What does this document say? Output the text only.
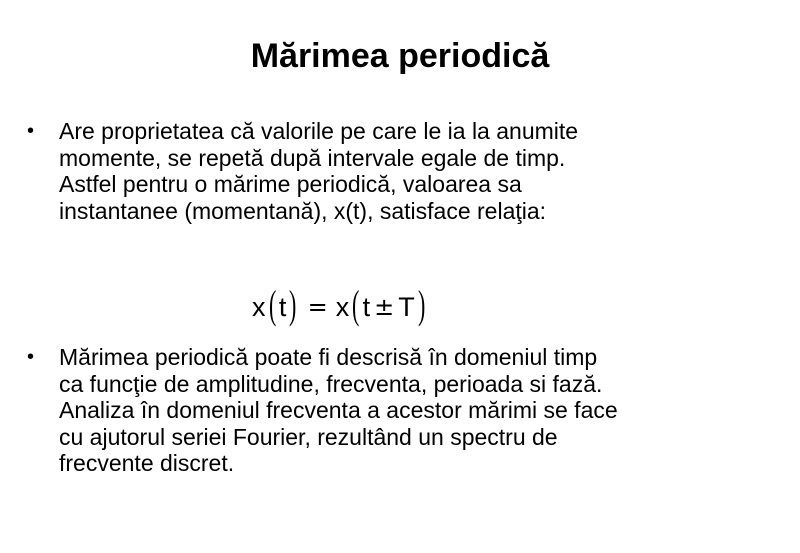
Mărimea periodică
• Are proprietatea că valorile pe care le ia la anumite
momente, se repetă după intervale egale de timp.
Astfel pentru o mărime periodică, valoarea sa
instantanee (momentană), x(t), satisface relaţia:
x ( t ) = x ( t ± T )
• Mărimea periodică poate fi descrisă în domeniul timp
ca funcţie de amplitudine, frecventa, perioada si fază.
Analiza în domeniul frecventa a acestor mărimi se face
cu ajutorul seriei Fourier, rezultând un spectru de
frecvente discret.
